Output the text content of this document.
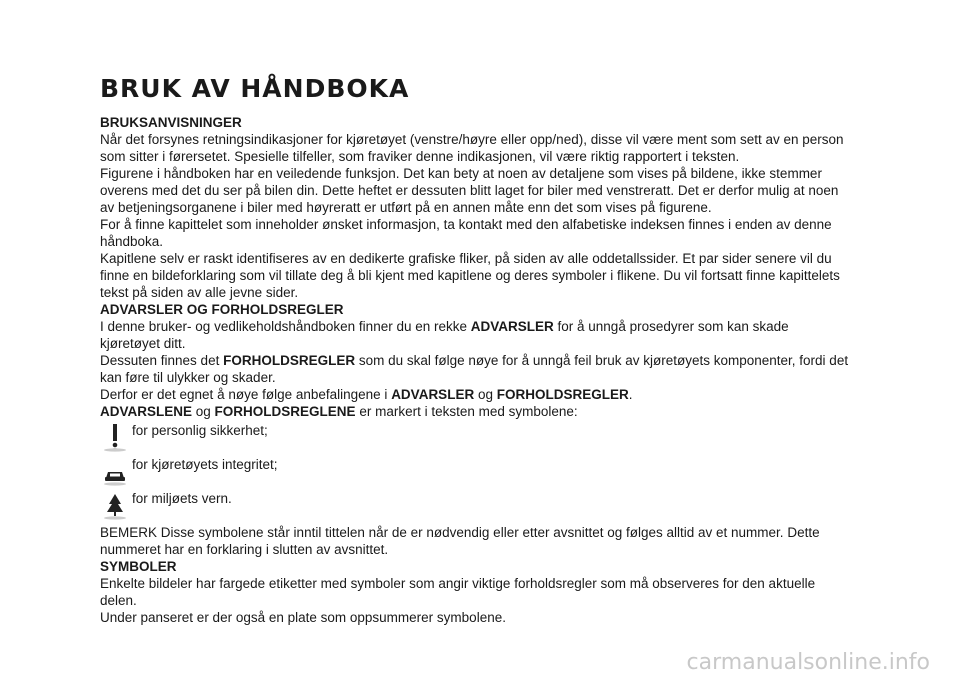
BRUK AV HÅNDBOKA
BRUKSANVISNINGER

Når det forsynes retningsindikasjoner for kjøretøyet (venstre/høyre eller opp/ned), disse vil være ment som sett av en person som sitter i førersetet. Spesielle tilfeller, som fraviker denne indikasjonen, vil være riktig rapportert i teksten.

Figurene i håndboken har en veiledende funksjon. Det kan bety at noen av detaljene som vises på bildene, ikke stemmer overens med det du ser på bilen din. Dette heftet er dessuten blitt laget for biler med venstreratt. Det er derfor mulig at noen av betjeningsorganene i biler med høyreratt er utført på en annen måte enn det som vises på figurene.

For å finne kapittelet som inneholder ønsket informasjon, ta kontakt med den alfabetiske indeksen finnes i enden av denne håndboka.

Kapitlene selv er raskt identifiseres av en dedikerte grafiske fliker, på siden av alle oddetallssider. Et par sider senere vil du finne en bildeforklaring som vil tillate deg å bli kjent med kapitlene og deres symboler i flikene. Du vil fortsatt finne kapittelets tekst på siden av alle jevne sider.

ADVARSLER OG FORHOLDSREGLER

I denne bruker- og vedlikeholdshåndboken finner du en rekke ADVARSLER for å unngå prosedyrer som kan skade kjøretøyet ditt.

Dessuten finnes det FORHOLDSREGLER som du skal følge nøye for å unngå feil bruk av kjøretøyets komponenter, fordi det kan føre til ulykker og skader.

Derfor er det egnet å nøye følge anbefalingene i ADVARSLER og FORHOLDSREGLER.

ADVARSLENE og FORHOLDSREGLENE er markert i teksten med symbolene:

for personlig sikkerhet;
for kjøretøyets integritet;
for miljøets vern.

BEMERK Disse symbolene står inntil tittelen når de er nødvendig eller etter avsnittet og følges alltid av et nummer. Dette nummeret har en forklaring i slutten av avsnittet.

SYMBOLER

Enkelte bildeler har fargede etiketter med symboler som angir viktige forholdsregler som må observeres for den aktuelle delen.

Under panseret er der også en plate som oppsummerer symbolene.

carmanualsonline.info
